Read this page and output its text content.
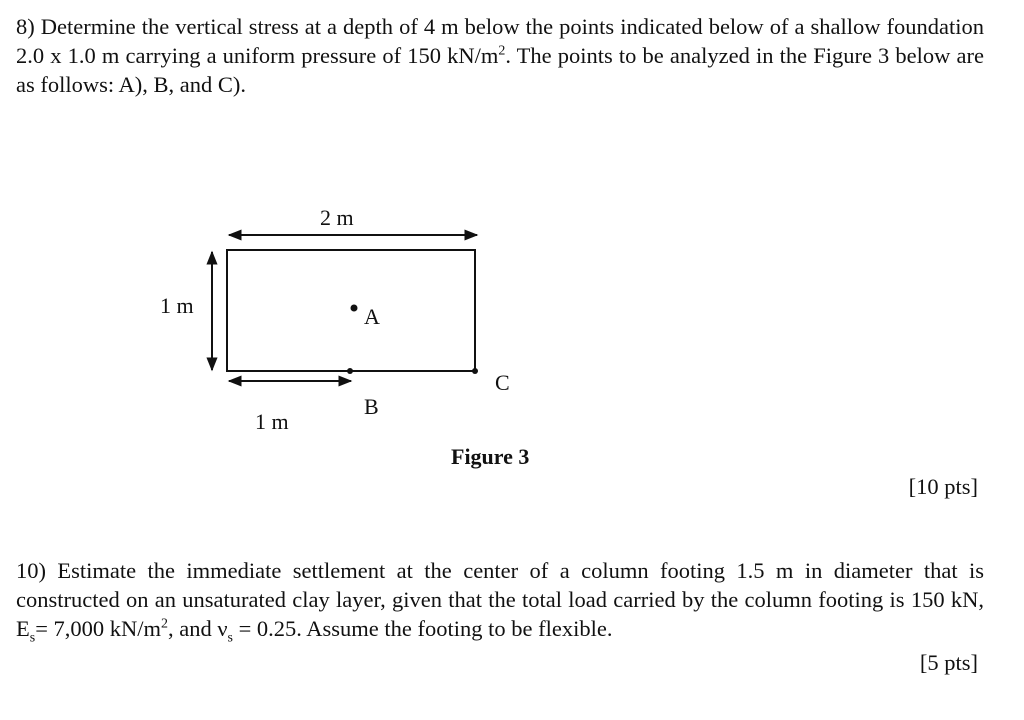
8) Determine the vertical stress at a depth of 4 m below the points indicated below of a shallow foundation 2.0 x 1.0 m carrying a uniform pressure of 150 $kN/m^2$. The points to be analyzed in the Figure 3 below are as follows: A), B, and C).
2 m
1 m	A
B
C
1 m
Figure 3
[10 pts]
10) Estimate the immediate settlement at the center of a column footing 1.5 m in diameter that is constructed on an unsaturated clay layer, given that the total load carried by the column footing is 150 kN, $E_s= 7,000$ $kN/m^2$, and $\nu_s = 0.25$. Assume the footing to be flexible.
[5 pts]
